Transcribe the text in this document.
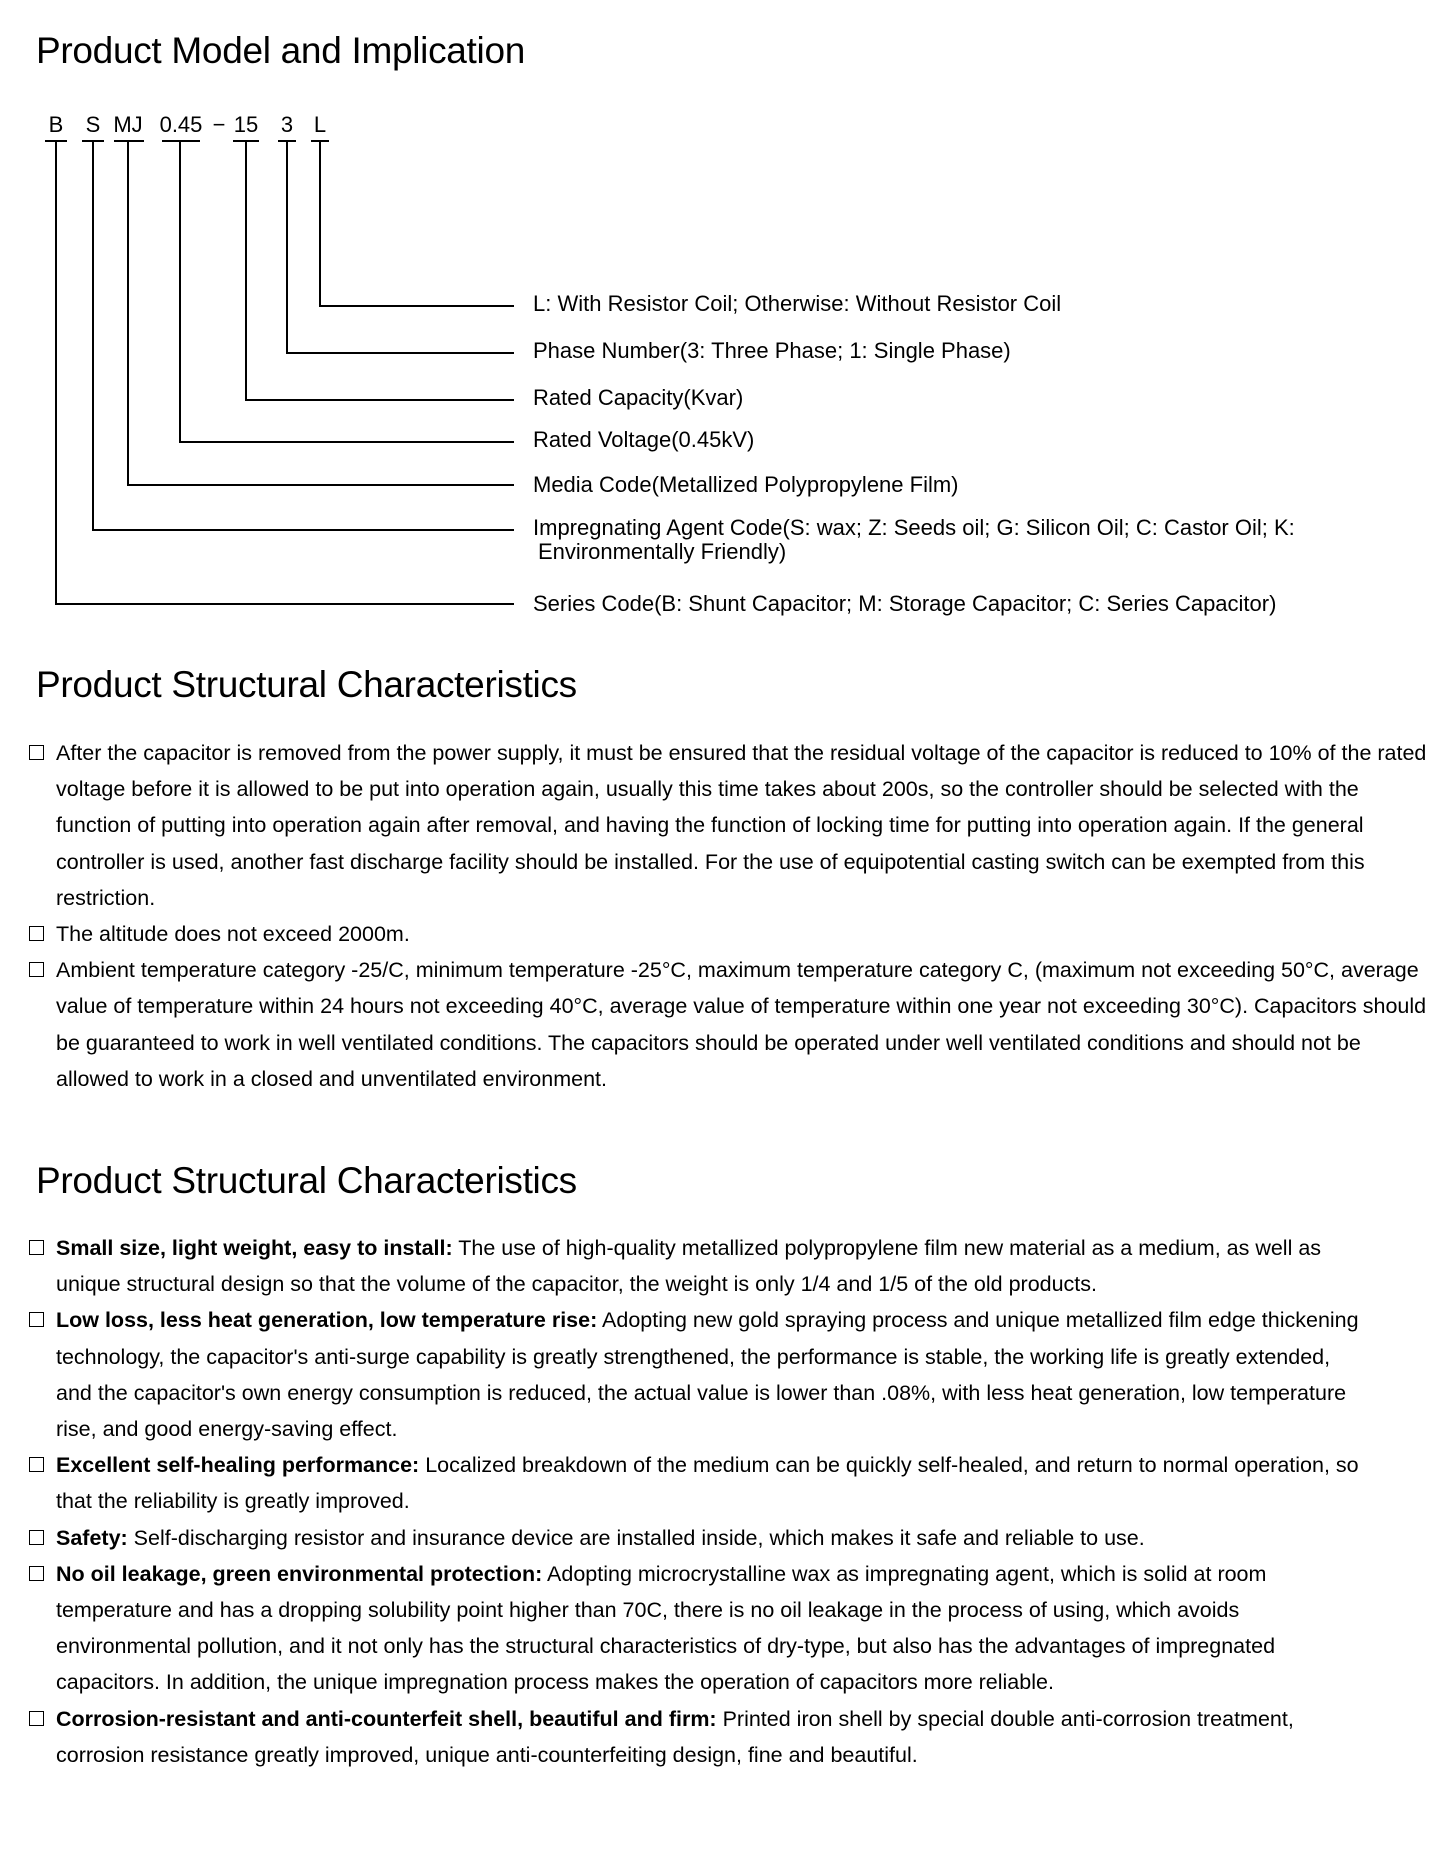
Product Model and Implication
B S MJ 0.45 − 15 3 L
L: With Resistor Coil; Otherwise: Without Resistor Coil
Phase Number(3: Three Phase; 1: Single Phase)
Rated Capacity(Kvar)
Rated Voltage(0.45kV)
Media Code(Metallized Polypropylene Film)
Impregnating Agent Code(S: wax; Z: Seeds oil; G: Silicon Oil; C: Castor Oil; K:
Environmentally Friendly)
Series Code(B: Shunt Capacitor; M: Storage Capacitor; C: Series Capacitor)
Product Structural Characteristics
After the capacitor is removed from the power supply, it must be ensured that the residual voltage of the capacitor is reduced to 10% of the rated voltage before it is allowed to be put into operation again, usually this time takes about 200s, so the controller should be selected with the function of putting into operation again after removal, and having the function of locking time for putting into operation again. If the general controller is used, another fast discharge facility should be installed. For the use of equipotential casting switch can be exempted from this restriction.
The altitude does not exceed 2000m.
Ambient temperature category -25/C, minimum temperature -25°C, maximum temperature category C, (maximum not exceeding 50°C, average value of temperature within 24 hours not exceeding 40°C, average value of temperature within one year not exceeding 30°C). Capacitors should be guaranteed to work in well ventilated conditions. The capacitors should be operated under well ventilated conditions and should not be allowed to work in a closed and unventilated environment.
Product Structural Characteristics
Small size, light weight, easy to install: The use of high-quality metallized polypropylene film new material as a medium, as well as unique structural design so that the volume of the capacitor, the weight is only 1/4 and 1/5 of the old products.
Low loss, less heat generation, low temperature rise: Adopting new gold spraying process and unique metallized film edge thickening technology, the capacitor's anti-surge capability is greatly strengthened, the performance is stable, the working life is greatly extended, and the capacitor's own energy consumption is reduced, the actual value is lower than .08%, with less heat generation, low temperature rise, and good energy-saving effect.
Excellent self-healing performance: Localized breakdown of the medium can be quickly self-healed, and return to normal operation, so that the reliability is greatly improved.
Safety: Self-discharging resistor and insurance device are installed inside, which makes it safe and reliable to use.
No oil leakage, green environmental protection: Adopting microcrystalline wax as impregnating agent, which is solid at room temperature and has a dropping solubility point higher than 70C, there is no oil leakage in the process of using, which avoids environmental pollution, and it not only has the structural characteristics of dry-type, but also has the advantages of impregnated capacitors. In addition, the unique impregnation process makes the operation of capacitors more reliable.
Corrosion-resistant and anti-counterfeit shell, beautiful and firm: Printed iron shell by special double anti-corrosion treatment, corrosion resistance greatly improved, unique anti-counterfeiting design, fine and beautiful.
